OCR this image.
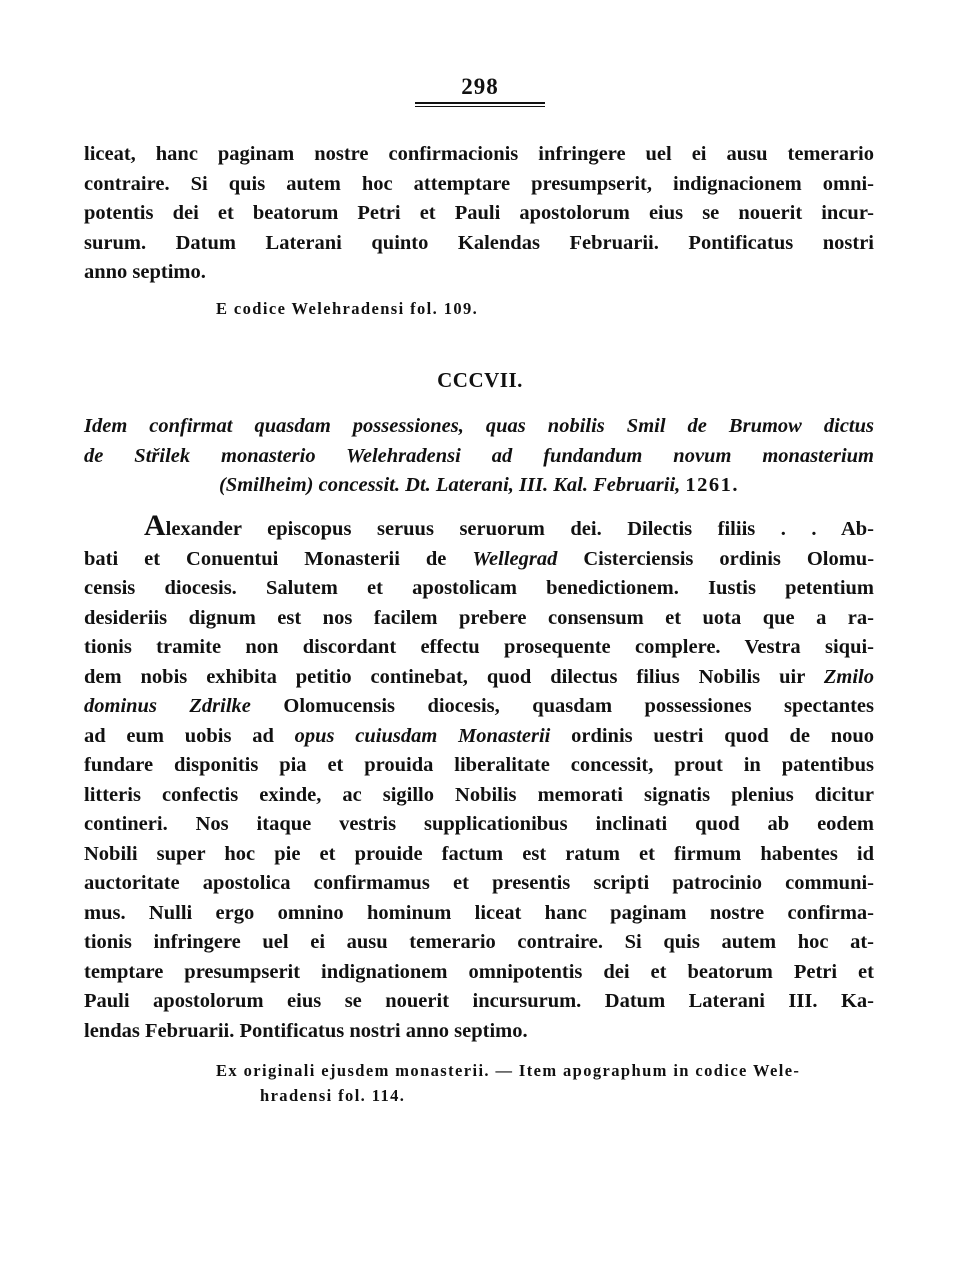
298
liceat, hanc paginam nostre confirmacionis infringere uel ei ausu temerario
contraire. Si quis autem hoc attemptare presumpserit, indignacionem omni-
potentis dei et beatorum Petri et Pauli apostolorum eius se nouerit incur-
surum. Datum Laterani quinto Kalendas Februarii. Pontificatus nostri
anno septimo.
E codice Welehradensi fol. 109.
CCCVII.
Idem confirmat quasdam possessiones, quas nobilis Smil de Brumow dictus
de Střilek monasterio Welehradensi ad fundandum novum monasterium
(Smilheim) concessit. Dt. Laterani, III. Kal. Februarii, 1261.
Alexander episcopus seruus seruorum dei. Dilectis filiis . . Ab-
bati et Conuentui Monasterii de Wellegrad Cisterciensis ordinis Olomu-
censis diocesis. Salutem et apostolicam benedictionem. Iustis petentium
desideriis dignum est nos facilem prebere consensum et uota que a ra-
tionis tramite non discordant effectu prosequente complere. Vestra siqui-
dem nobis exhibita petitio continebat, quod dilectus filius Nobilis uir Zmilo
dominus Zdrilke Olomucensis diocesis, quasdam possessiones spectantes
ad eum uobis ad opus cuiusdam Monasterii ordinis uestri quod de nouo
fundare disponitis pia et prouida liberalitate concessit, prout in patentibus
litteris confectis exinde, ac sigillo Nobilis memorati signatis plenius dicitur
contineri. Nos itaque vestris supplicationibus inclinati quod ab eodem
Nobili super hoc pie et prouide factum est ratum et firmum habentes id
auctoritate apostolica confirmamus et presentis scripti patrocinio communi-
mus. Nulli ergo omnino hominum liceat hanc paginam nostre confirma-
tionis infringere uel ei ausu temerario contraire. Si quis autem hoc at-
temptare presumpserit indignationem omnipotentis dei et beatorum Petri et
Pauli apostolorum eius se nouerit incursurum. Datum Laterani III. Ka-
lendas Februarii. Pontificatus nostri anno septimo.
Ex originali ejusdem monasterii. — Item apographum in codice Wele-
hradensi fol. 114.
